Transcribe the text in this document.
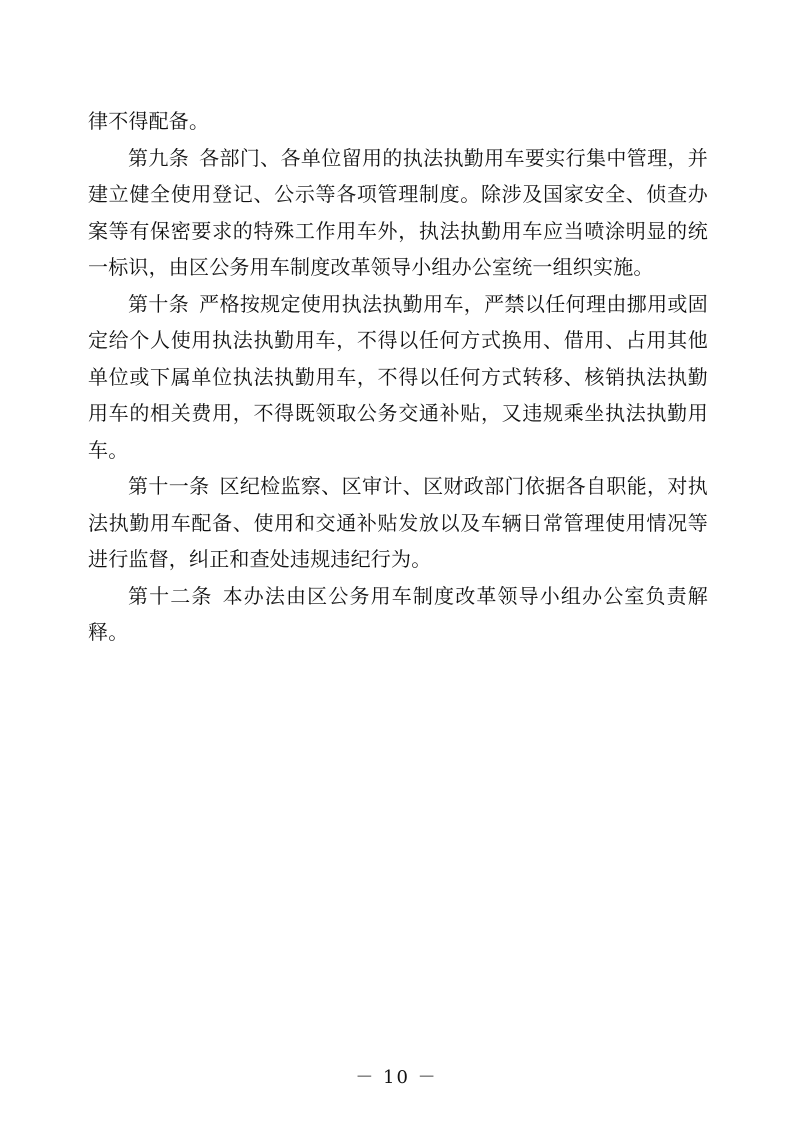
律不得配备。

第九条 各部门、各单位留用的执法执勤用车要实行集中管理，并建立健全使用登记、公示等各项管理制度。除涉及国家安全、侦查办案等有保密要求的特殊工作用车外，执法执勤用车应当喷涂明显的统一标识，由区公务用车制度改革领导小组办公室统一组织实施。

第十条 严格按规定使用执法执勤用车，严禁以任何理由挪用或固定给个人使用执法执勤用车，不得以任何方式换用、借用、占用其他单位或下属单位执法执勤用车，不得以任何方式转移、核销执法执勤用车的相关费用，不得既领取公务交通补贴，又违规乘坐执法执勤用车。

第十一条 区纪检监察、区审计、区财政部门依据各自职能，对执法执勤用车配备、使用和交通补贴发放以及车辆日常管理使用情况等进行监督，纠正和查处违规违纪行为。

第十二条 本办法由区公务用车制度改革领导小组办公室负责解释。

－ 10 －
